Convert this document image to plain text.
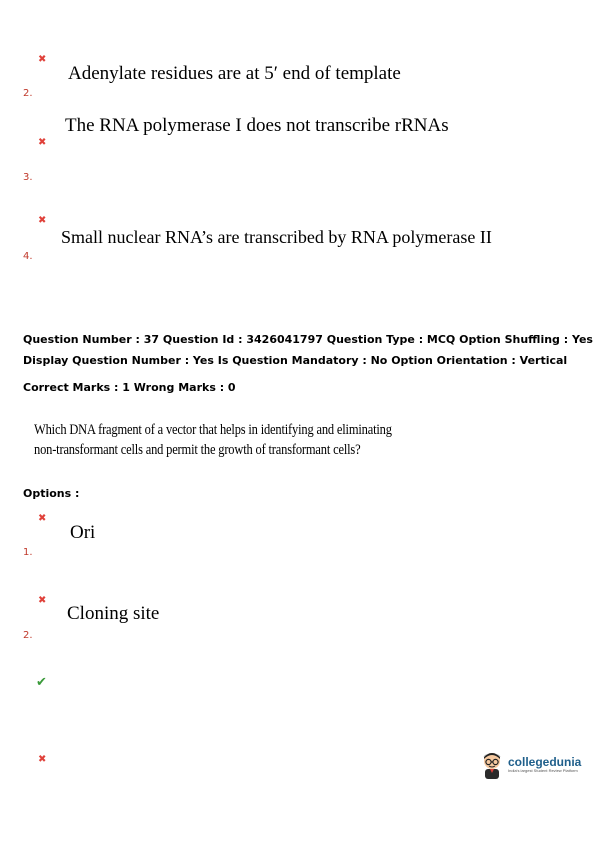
✖
Adenylate residues are at 5′ end of template
2.
The RNA polymerase I does not transcribe rRNAs
✖
3.
✖
Small nuclear RNA’s are transcribed by RNA polymerase II
4.
Question Number : 37 Question Id : 3426041797 Question Type : MCQ Option Shuffling : Yes
Display Question Number : Yes Is Question Mandatory : No Option Orientation : Vertical
Correct Marks : 1 Wrong Marks : 0
Which DNA fragment of a vector that helps in identifying and eliminating
non-transformant cells and permit the growth of transformant cells?
Options :
✖
Ori
1.
✖
Cloning site
2.
✔
✖	collegedunia
India's largest Student Review Platform
